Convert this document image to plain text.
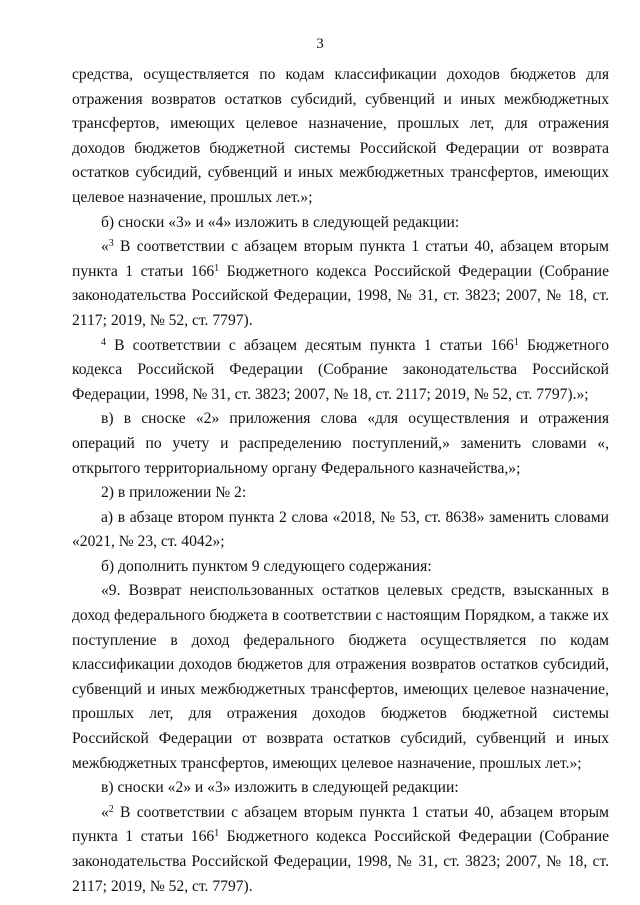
3

средства, осуществляется по кодам классификации доходов бюджетов для отражения возвратов остатков субсидий, субвенций и иных межбюджетных трансфертов, имеющих целевое назначение, прошлых лет, для отражения доходов бюджетов бюджетной системы Российской Федерации от возврата остатков субсидий, субвенций и иных межбюджетных трансфертов, имеющих целевое назначение, прошлых лет.»;

б) сноски «3» и «4» изложить в следующей редакции:

«$^3$ В соответствии с абзацем вторым пункта 1 статьи 40, абзацем вторым пункта 1 статьи $166^1$ Бюджетного кодекса Российской Федерации (Собрание законодательства Российской Федерации, 1998, № 31, ст. 3823; 2007, № 18, ст. 2117; 2019, № 52, ст. 7797).

$^4$ В соответствии с абзацем десятым пункта 1 статьи $166^1$ Бюджетного кодекса Российской Федерации (Собрание законодательства Российской Федерации, 1998, № 31, ст. 3823; 2007, № 18, ст. 2117; 2019, № 52, ст. 7797).»;

в) в сноске «2» приложения слова «для осуществления и отражения операций по учету и распределению поступлений,» заменить словами «, открытого территориальному органу Федерального казначейства,»;

2) в приложении № 2:

а) в абзаце втором пункта 2 слова «2018, № 53, ст. 8638» заменить словами «2021, № 23, ст. 4042»;

б) дополнить пунктом 9 следующего содержания:

«9. Возврат неиспользованных остатков целевых средств, взысканных в доход федерального бюджета в соответствии с настоящим Порядком, а также их поступление в доход федерального бюджета осуществляется по кодам классификации доходов бюджетов для отражения возвратов остатков субсидий, субвенций и иных межбюджетных трансфертов, имеющих целевое назначение, прошлых лет, для отражения доходов бюджетов бюджетной системы Российской Федерации от возврата остатков субсидий, субвенций и иных межбюджетных трансфертов, имеющих целевое назначение, прошлых лет.»;

в) сноски «2» и «3» изложить в следующей редакции:

«$^2$ В соответствии с абзацем вторым пункта 1 статьи 40, абзацем вторым пункта 1 статьи $166^1$ Бюджетного кодекса Российской Федерации (Собрание законодательства Российской Федерации, 1998, № 31, ст. 3823; 2007, № 18, ст. 2117; 2019, № 52, ст. 7797).
